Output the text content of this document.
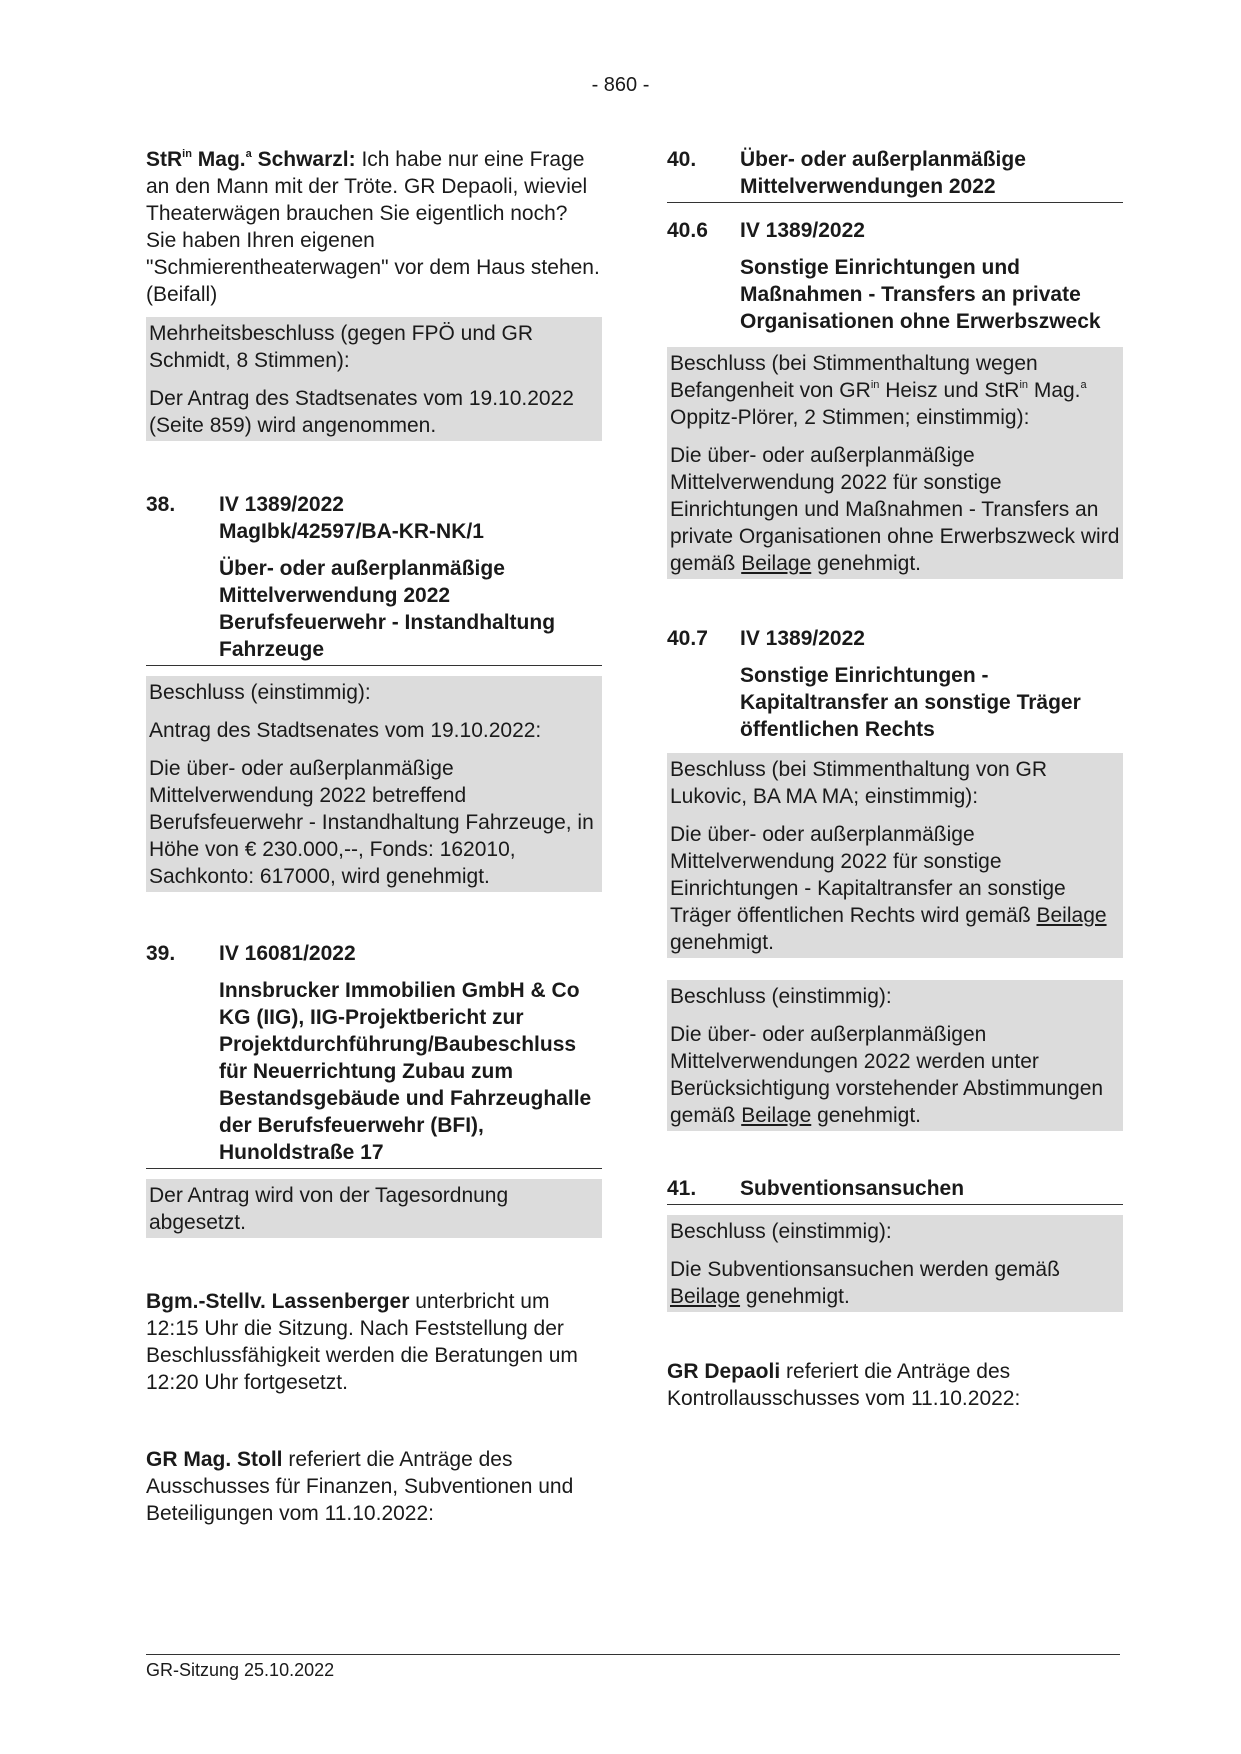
- 860 -

StR$^{in}$ Mag.$^a$ Schwarzl: Ich habe nur eine Frage an den Mann mit der Tröte. GR Depaoli, wieviel Theaterwägen brauchen Sie eigentlich noch? Sie haben Ihren eigenen "Schmierentheaterwagen" vor dem Haus stehen. (Beifall)

Mehrheitsbeschluss (gegen FPÖ und GR Schmidt, 8 Stimmen):

Der Antrag des Stadtsenates vom 19.10.2022 (Seite 859) wird angenommen.

38.	IV 1389/2022
MagIbk/42597/BA-KR-NK/1
Über- oder außerplanmäßige Mittelverwendung 2022 Berufsfeuerwehr - Instandhaltung Fahrzeuge

Beschluss (einstimmig):

Antrag des Stadtsenates vom 19.10.2022:

Die über- oder außerplanmäßige Mittelverwendung 2022 betreffend Berufsfeuerwehr - Instandhaltung Fahrzeuge, in Höhe von € 230.000,--, Fonds: 162010, Sachkonto: 617000, wird genehmigt.

39.	IV 16081/2022
Innsbrucker Immobilien GmbH & Co KG (IIG), IIG-Projektbericht zur Projektdurchführung/Baubeschluss für Neuerrichtung Zubau zum Bestandsgebäude und Fahrzeughalle der Berufsfeuerwehr (BFI), Hunoldstraße 17

Der Antrag wird von der Tagesordnung abgesetzt.

Bgm.-Stellv. Lassenberger unterbricht um 12:15 Uhr die Sitzung. Nach Feststellung der Beschlussfähigkeit werden die Beratungen um 12:20 Uhr fortgesetzt.

GR Mag. Stoll referiert die Anträge des Ausschusses für Finanzen, Subventionen und Beteiligungen vom 11.10.2022:

40.	Über- oder außerplanmäßige Mittelverwendungen 2022
40.6	IV 1389/2022
Sonstige Einrichtungen und Maßnahmen - Transfers an private Organisationen ohne Erwerbszweck

Beschluss (bei Stimmenthaltung wegen Befangenheit von $GR^{in}$ Heisz und StR$^{in}$ Mag.$^a$ Oppitz-Plörer, 2 Stimmen; einstimmig):

Die über- oder außerplanmäßige Mittelverwendung 2022 für sonstige Einrichtungen und Maßnahmen - Transfers an private Organisationen ohne Erwerbszweck wird gemäß Beilage genehmigt.

40.7	IV 1389/2022
Sonstige Einrichtungen - Kapitaltransfer an sonstige Träger öffentlichen Rechts

Beschluss (bei Stimmenthaltung von GR Lukovic, BA MA MA; einstimmig):

Die über- oder außerplanmäßige Mittelverwendung 2022 für sonstige Einrichtungen - Kapitaltransfer an sonstige Träger öffentlichen Rechts wird gemäß Beilage genehmigt.

Beschluss (einstimmig):

Die über- oder außerplanmäßigen Mittelverwendungen 2022 werden unter Berücksichtigung vorstehender Abstimmungen gemäß Beilage genehmigt.

41.	Subventionsansuchen

Beschluss (einstimmig):

Die Subventionsansuchen werden gemäß Beilage genehmigt.

GR Depaoli referiert die Anträge des Kontrollausschusses vom 11.10.2022:

GR-Sitzung 25.10.2022
